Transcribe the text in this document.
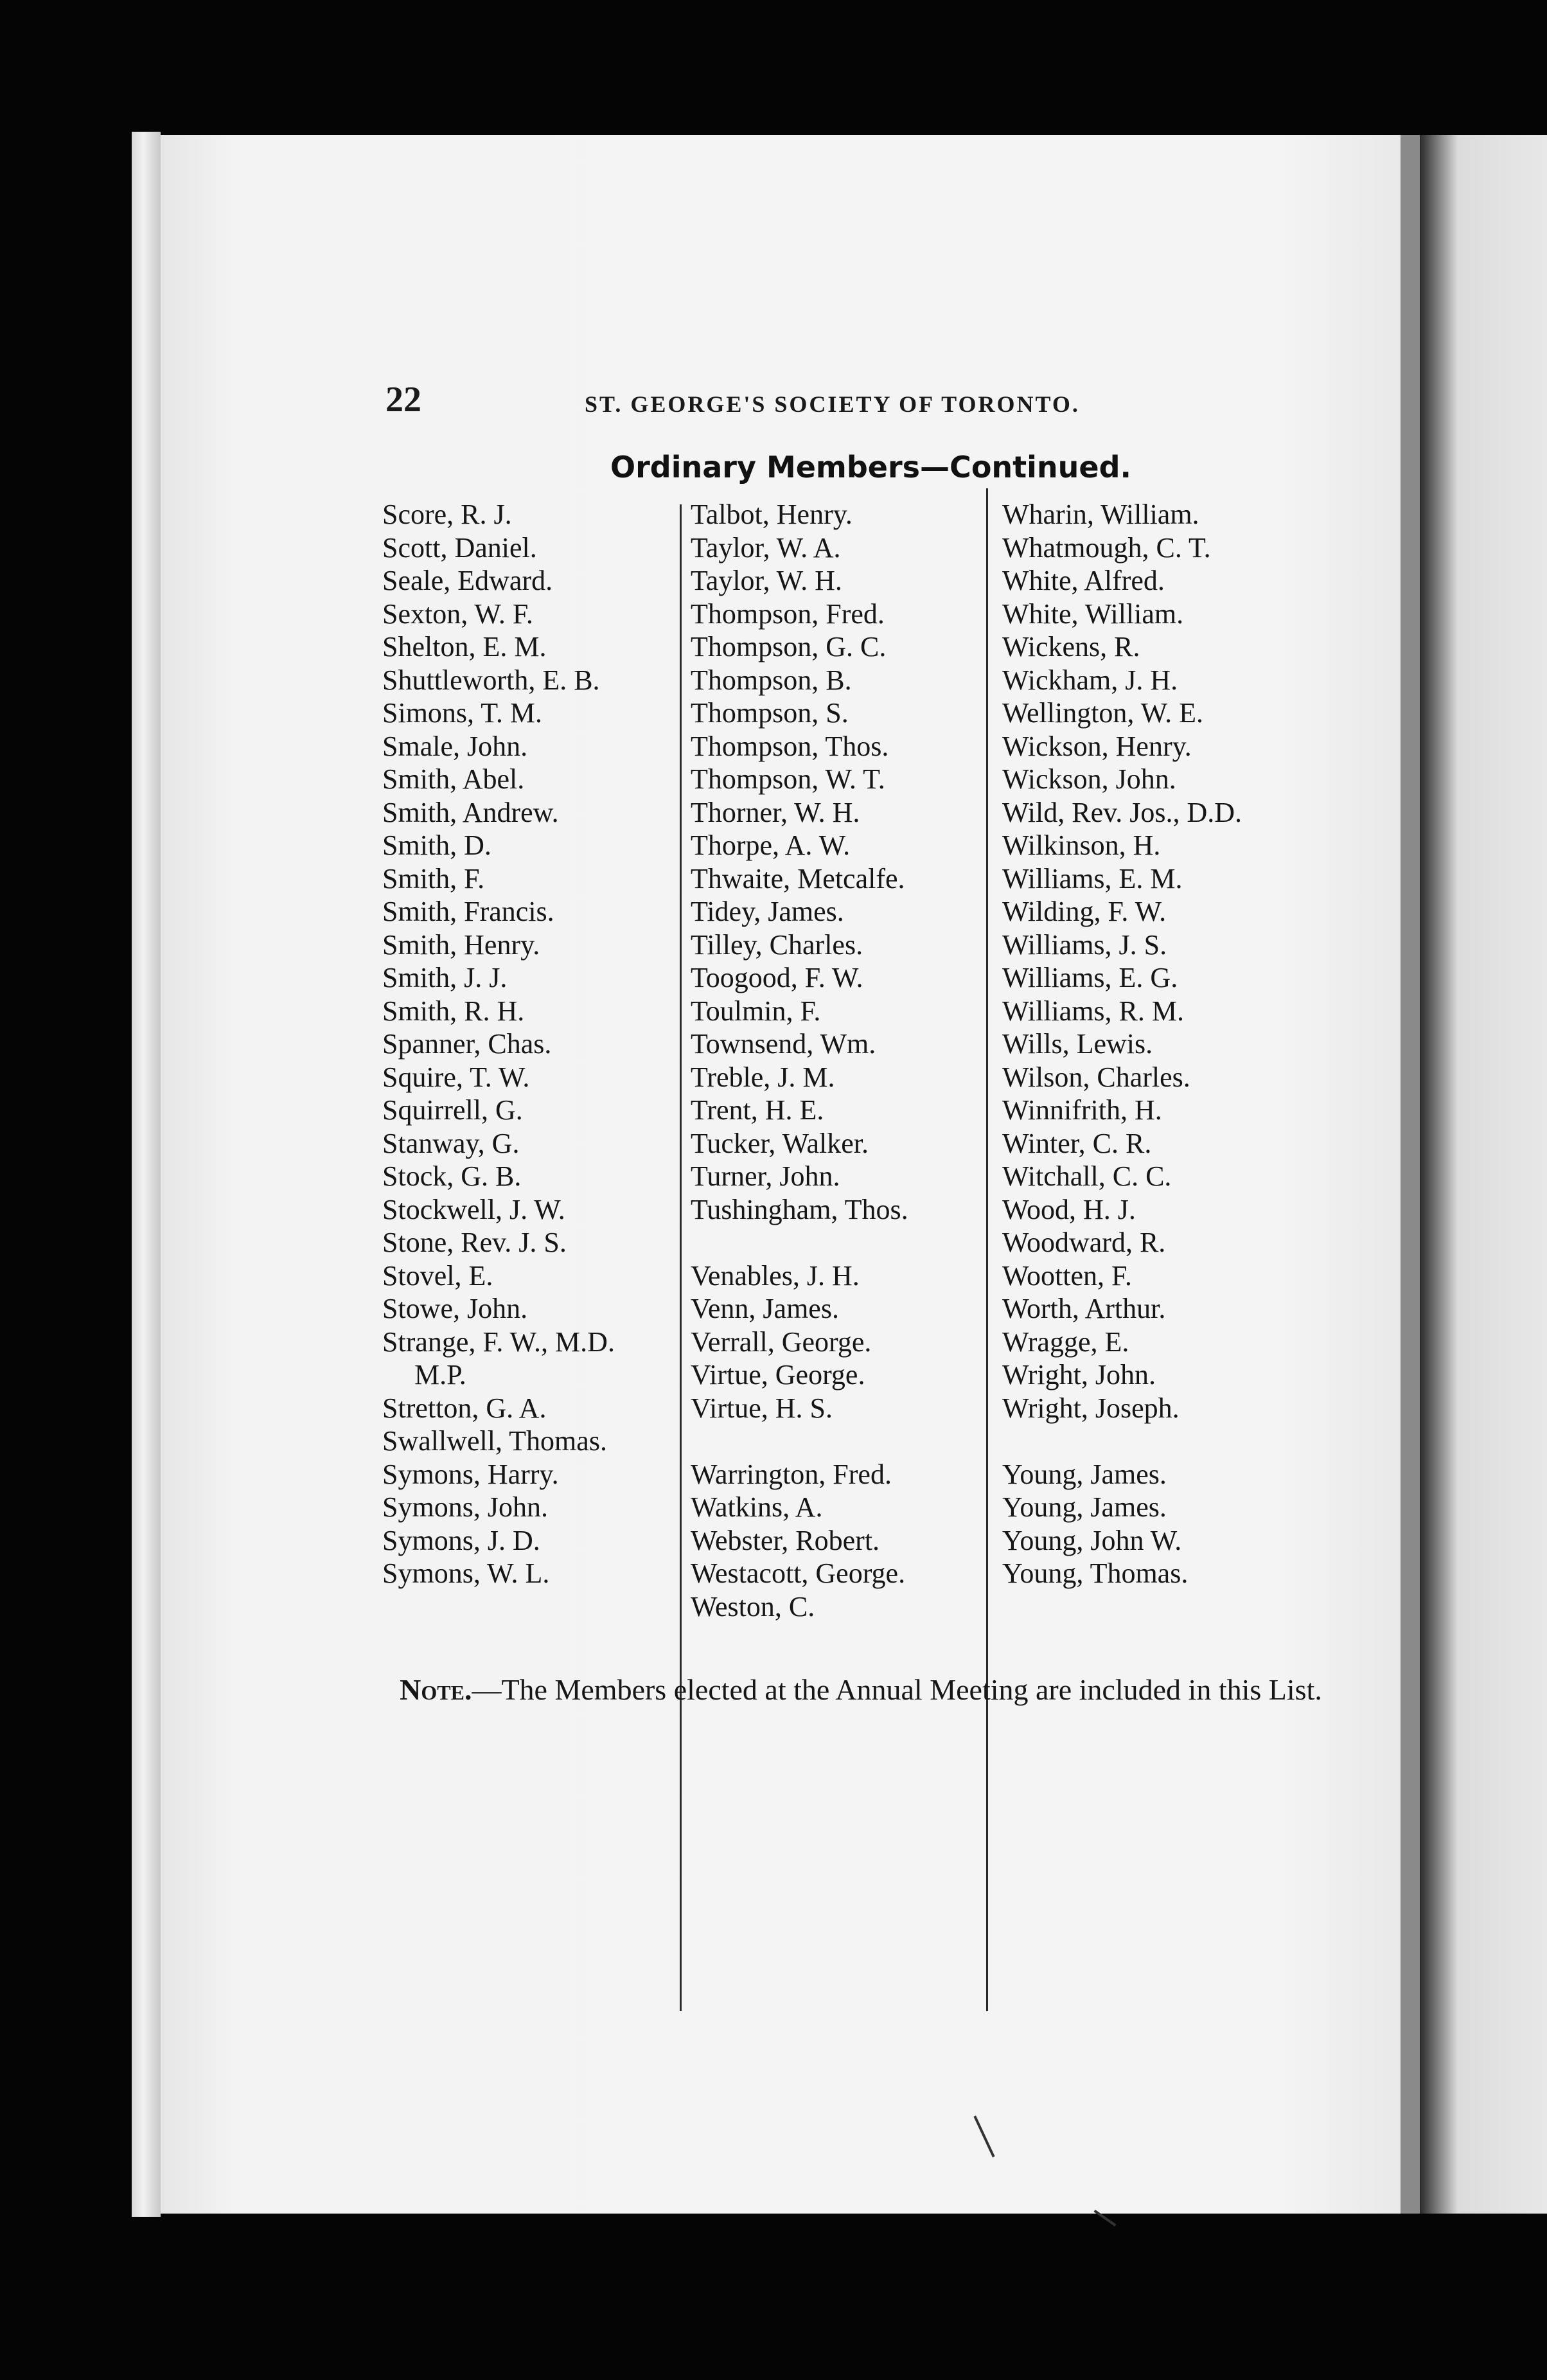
22	ST. GEORGE'S SOCIETY OF TORONTO.
Ordinary Members—Continued.
Score, R. J.
Scott, Daniel.
Seale, Edward.
Sexton, W. F.
Shelton, E. M.
Shuttleworth, E. B.
Simons, T. M.
Smale, John.
Smith, Abel.
Smith, Andrew.
Smith, D.
Smith, F.
Smith, Francis.
Smith, Henry.
Smith, J. J.
Smith, R. H.
Spanner, Chas.
Squire, T. W.
Squirrell, G.
Stanway, G.
Stock, G. B.
Stockwell, J. W.
Stone, Rev. J. S.
Stovel, E.
Stowe, John.
Strange, F. W., M.D.
M.P.
Stretton, G. A.
Swallwell, Thomas.
Symons, Harry.
Symons, John.
Symons, J. D.
Symons, W. L.
Talbot, Henry.
Taylor, W. A.
Taylor, W. H.
Thompson, Fred.
Thompson, G. C.
Thompson, B.
Thompson, S.
Thompson, Thos.
Thompson, W. T.
Thorner, W. H.
Thorpe, A. W.
Thwaite, Metcalfe.
Tidey, James.
Tilley, Charles.
Toogood, F. W.
Toulmin, F.
Townsend, Wm.
Treble, J. M.
Trent, H. E.
Tucker, Walker.
Turner, John.
Tushingham, Thos.
Venables, J. H.
Venn, James.
Verrall, George.
Virtue, George.
Virtue, H. S.
Warrington, Fred.
Watkins, A.
Webster, Robert.
Westacott, George.
Weston, C.
Wharin, William.
Whatmough, C. T.
White, Alfred.
White, William.
Wickens, R.
Wickham, J. H.
Wellington, W. E.
Wickson, Henry.
Wickson, John.
Wild, Rev. Jos., D.D.
Wilkinson, H.
Williams, E. M.
Wilding, F. W.
Williams, J. S.
Williams, E. G.
Williams, R. M.
Wills, Lewis.
Wilson, Charles.
Winnifrith, H.
Winter, C. R.
Witchall, C. C.
Wood, H. J.
Woodward, R.
Wootten, F.
Worth, Arthur.
Wragge, E.
Wright, John.
Wright, Joseph.
Young, James.
Young, James.
Young, John W.
Young, Thomas.
Note.—The Members elected at the Annual Meeting are included in this List.
